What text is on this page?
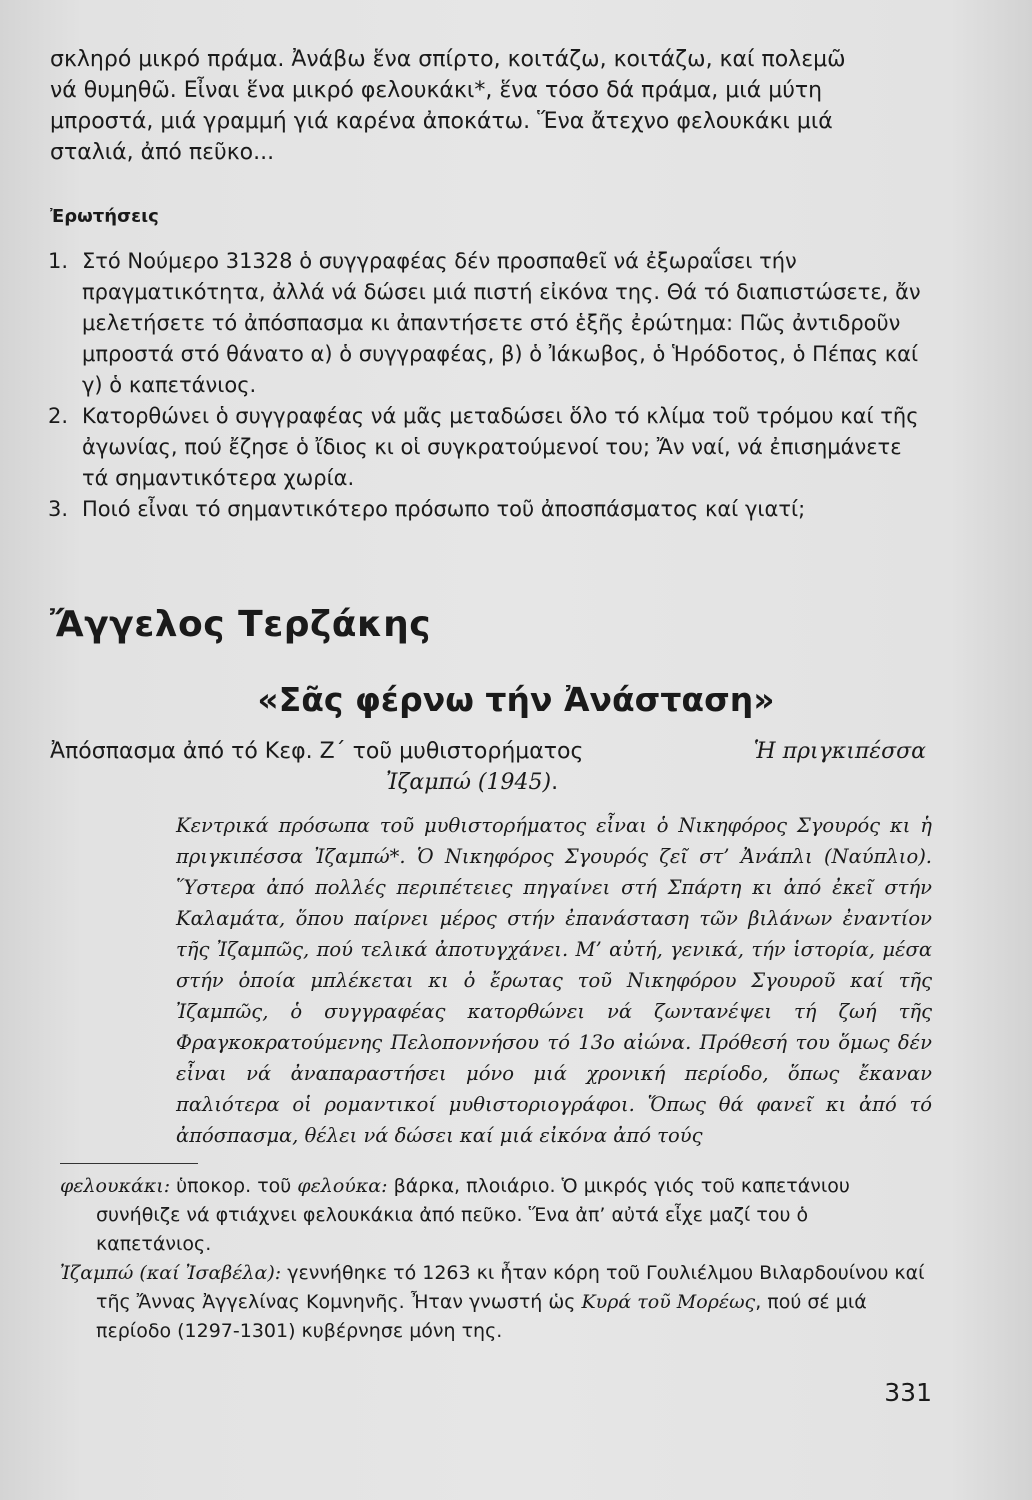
σκληρό μικρό πράμα. Ἀνάβω ἕνα σπίρτο, κοιτάζω, κοιτάζω, καί πολεμῶ

νά θυμηθῶ. Εἶναι ἕνα μικρό φελουκάκι*, ἕνα τόσο δά πράμα, μιά μύτη

μπροστά, μιά γραμμή γιά καρένα ἀποκάτω. Ἕνα ἄτεχνο φελουκάκι μιά

σταλιά, ἀπό πεῦκο...

Ἐρωτήσεις
1. Στό Νούμερο 31328 ὁ συγγραφέας δέν προσπαθεῖ νά ἐξωραΐσει τήν πραγματικότητα, ἀλλά νά δώσει μιά πιστή εἰκόνα της. Θά τό διαπιστώσετε, ἄν μελετήσετε τό ἀπόσπασμα κι ἀπαντήσετε στό ἑξῆς ἐρώτημα: Πῶς ἀντιδροῦν μπροστά στό θάνατο α) ὁ συγγραφέας, β) ὁ Ἰάκωβος, ὁ Ἡρόδοτος, ὁ Πέπας καί γ) ὁ καπετάνιος.
2. Κατορθώνει ὁ συγγραφέας νά μᾶς μεταδώσει ὅλο τό κλίμα τοῦ τρόμου καί τῆς ἀγωνίας, πού ἔζησε ὁ ἴδιος κι οἱ συγκρατούμενοί του; Ἄν ναί, νά ἐπισημάνετε τά σημαντικότερα χωρία.
3. Ποιό εἶναι τό σημαντικότερο πρόσωπο τοῦ ἀποσπάσματος καί γιατί;
Ἄγγελος Τερζάκης
«Σᾶς φέρνω τήν Ἀνάσταση»
Ἀπόσπασμα ἀπό τό Κεφ. Ζ΄ τοῦ μυθιστορήματος	Ἡ πριγκιπέσσα
Ἰζαμπώ (1945).
Κεντρικά πρόσωπα τοῦ μυθιστορήματος εἶναι ὁ Νικηφόρος Σγουρός κι ἡ πριγκιπέσσα Ἰζαμπώ*. Ὁ Νικηφόρος Σγουρός ζεῖ στ’ Ἀνάπλι (Ναύπλιο). Ὕστερα ἀπό πολλές περιπέτειες πηγαίνει στή Σπάρτη κι ἀπό ἐκεῖ στήν Καλαμάτα, ὅπου παίρνει μέρος στήν ἐπανάσταση τῶν βιλάνων ἐναντίον τῆς Ἰζαμπῶς, πού τελικά ἀποτυγχάνει. Μ’ αὐτή, γενικά, τήν ἱστορία, μέσα στήν ὁποία μπλέκεται κι ὁ ἔρωτας τοῦ Νικηφόρου Σγουροῦ καί τῆς Ἰζαμπῶς, ὁ συγγραφέας κατορθώνει νά ζωντανέψει τή ζωή τῆς Φραγκοκρατούμενης Πελοποννήσου τό 13ο αἰώνα. Πρόθεσή του ὅμως δέν εἶναι νά ἀναπαραστήσει μόνο μιά χρονική περίοδο, ὅπως ἔκαναν παλιότερα οἱ ρομαντικοί μυθιστοριογράφοι. Ὅπως θά φανεῖ κι ἀπό τό ἀπόσπασμα, θέλει νά δώσει καί μιά εἰκόνα ἀπό τούς

φελουκάκι: ὑποκορ. τοῦ φελούκα: βάρκα, πλοιάριο. Ὁ μικρός γιός τοῦ καπετάνιου συνήθιζε νά φτιάχνει φελουκάκια ἀπό πεῦκο. Ἕνα ἀπ’ αὐτά εἶχε μαζί του ὁ καπετάνιος.

Ἰζαμπώ (καί Ἰσαβέλα): γεννήθηκε τό 1263 κι ἦταν κόρη τοῦ Γουλιέλμου Βιλαρδουίνου καί τῆς Ἄννας Ἀγγελίνας Κομνηνῆς. Ἦταν γνωστή ὡς Κυρά τοῦ Μορέως, πού σέ μιά περίοδο (1297-1301) κυβέρνησε μόνη της.

331
